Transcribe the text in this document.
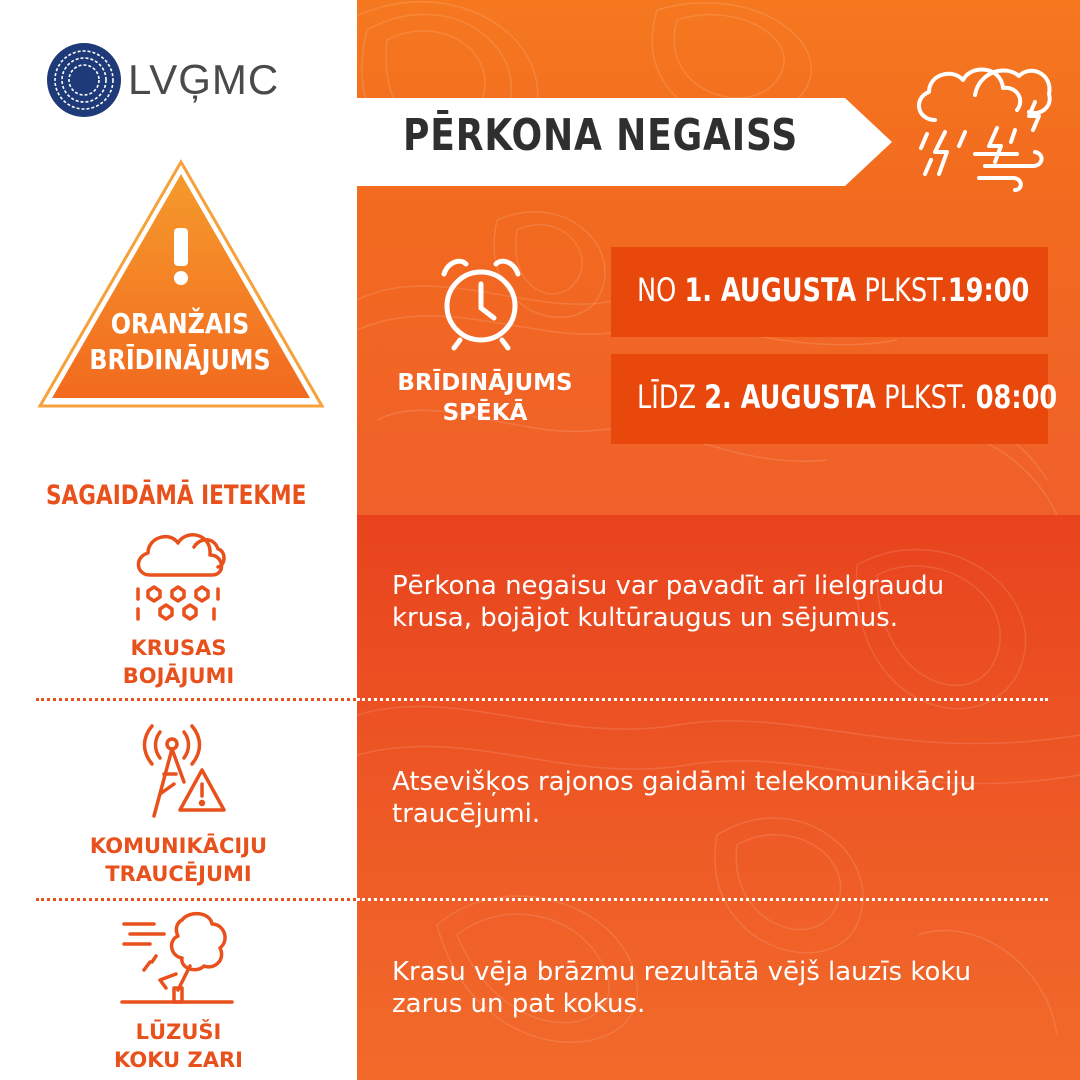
LVĢMC
PĒRKONA NEGAISS
ORANŽAIS
BRĪDINĀJUMS
BRĪDINĀJUMS
SPĒKĀ
NO 1. AUGUSTA PLKST.19:00
LĪDZ 2. AUGUSTA PLKST. 08:00
SAGAIDĀMĀ IETEKME
KRUSAS
BOJĀJUMI
Pērkona negaisu var pavadīt arī lielgraudu krusa, bojājot kultūraugus un sējumus.
KOMUNIKĀCIJU
TRAUCĒJUMI
Atsevišķos rajonos gaidāmi telekomunikāciju traucējumi.
LŪZUŠI
KOKU ZARI
Krasu vēja brāzmu rezultātā vējš lauzīs koku zarus un pat kokus.
